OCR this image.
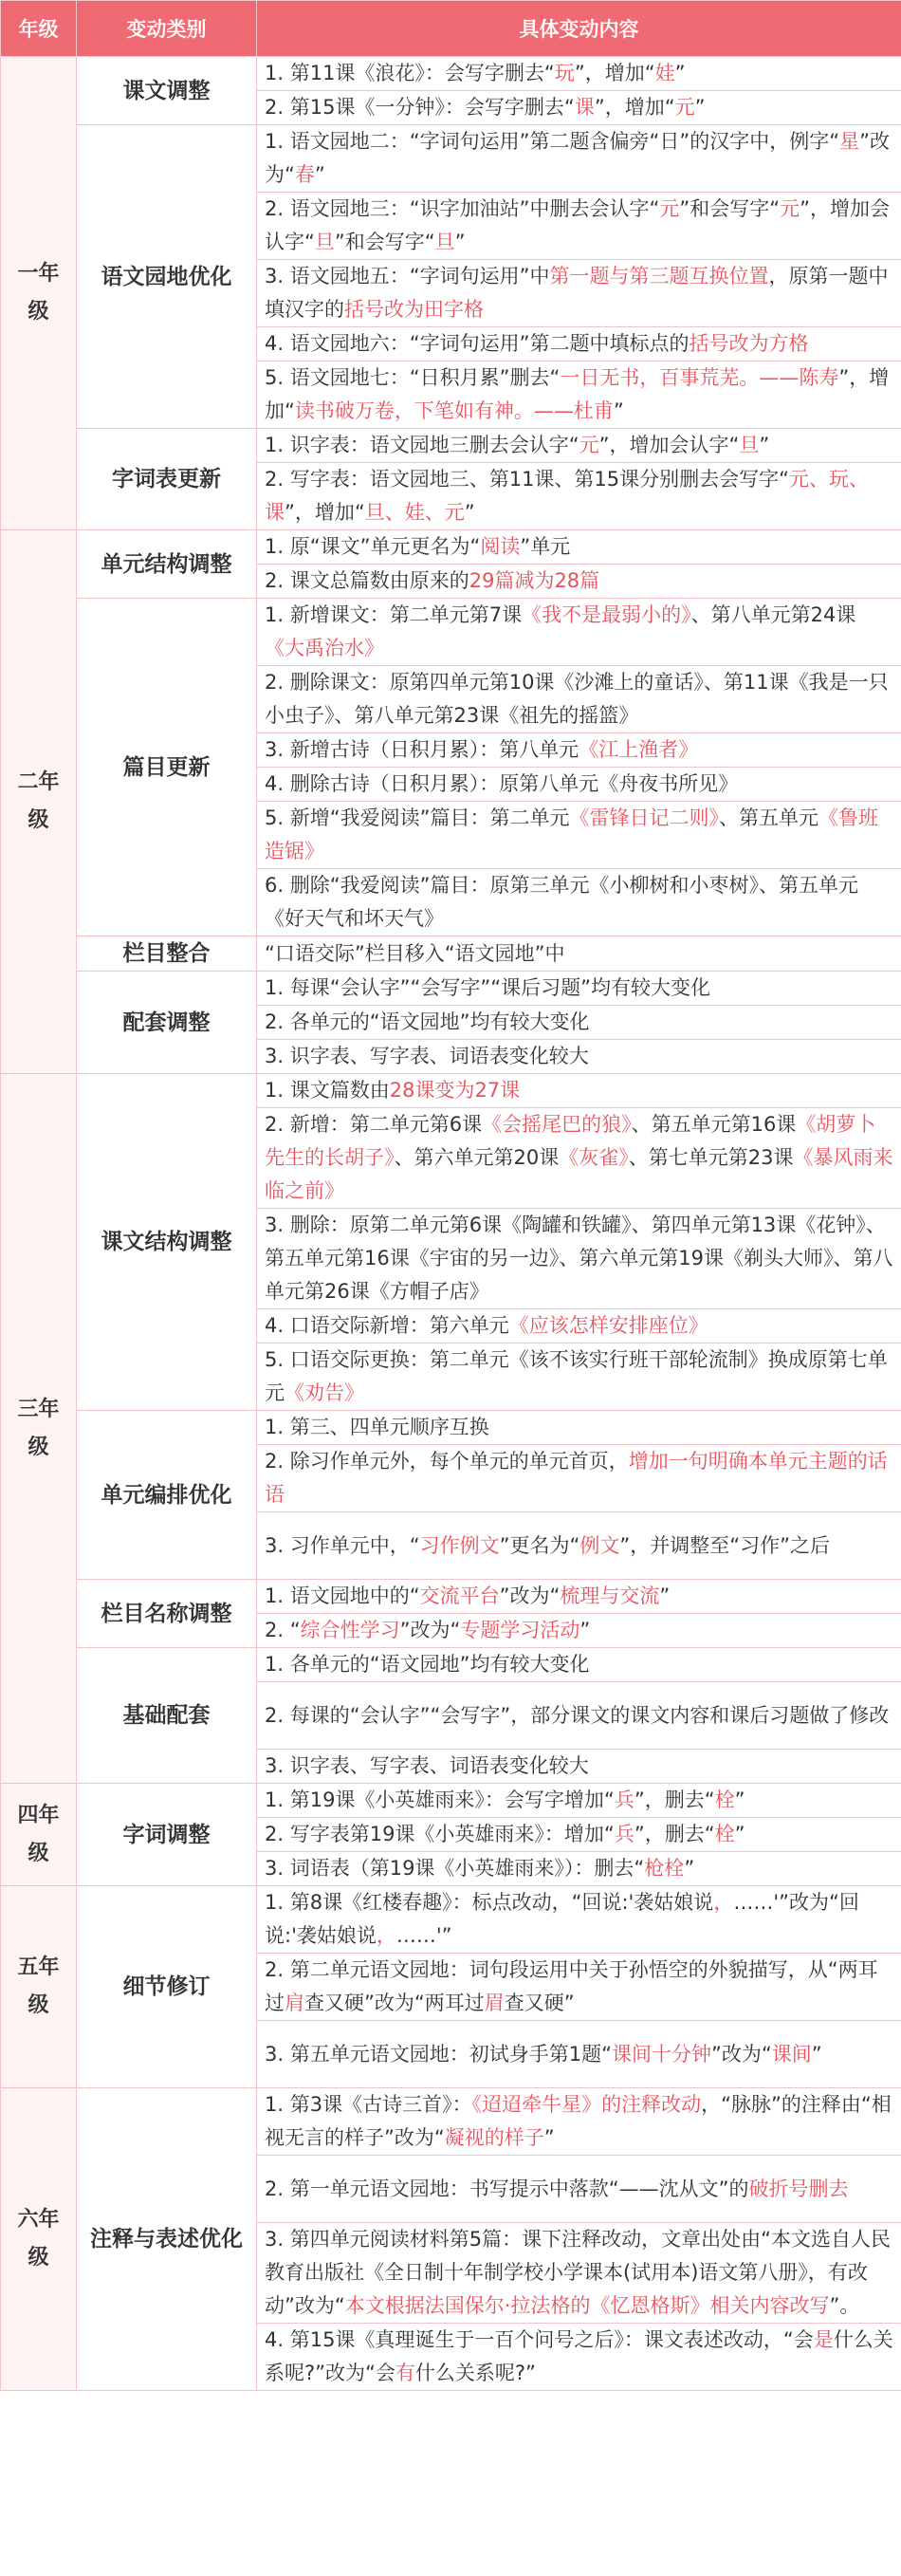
年级	变动类别	具体变动内容
一年级	课文调整	1. 第11课《浪花》：会写字删去“玩”，增加“娃”
		2. 第15课《一分钟》：会写字删去“课”，增加“元”
	语文园地优化	1. 语文园地二：“字词句运用”第二题含偏旁“日”的汉字中，例字“星”改为“春”
		2. 语文园地三：“识字加油站”中删去会认字“元”和会写字“元”，增加会认字“旦”和会写字“旦”
		3. 语文园地五：“字词句运用”中第一题与第三题互换位置，原第一题中填汉字的括号改为田字格
		4. 语文园地六：“字词句运用”第二题中填标点的括号改为方格
		5. 语文园地七：“日积月累”删去“一日无书，百事荒芜。——陈寿”，增加“读书破万卷，下笔如有神。——杜甫”
	字词表更新	1. 识字表：语文园地三删去会认字“元”，增加会认字“旦”
		2. 写字表：语文园地三、第11课、第15课分别删去会写字“元、玩、课”，增加“旦、娃、元”
二年级	单元结构调整	1. 原“课文”单元更名为“阅读”单元
		2. 课文总篇数由原来的29篇减为28篇
	篇目更新	1. 新增课文：第二单元第7课《我不是最弱小的》、第八单元第24课《大禹治水》
		2. 删除课文：原第四单元第10课《沙滩上的童话》、第11课《我是一只小虫子》、第八单元第23课《祖先的摇篮》
		3. 新增古诗（日积月累）：第八单元《江上渔者》
		4. 删除古诗（日积月累）：原第八单元《舟夜书所见》
		5. 新增“我爱阅读”篇目：第二单元《雷锋日记二则》、第五单元《鲁班造锯》
		6. 删除“我爱阅读”篇目：原第三单元《小柳树和小枣树》、第五单元《好天气和坏天气》
	栏目整合	“口语交际”栏目移入“语文园地”中
	配套调整	1. 每课“会认字”“会写字”“课后习题”均有较大变化
		2. 各单元的“语文园地”均有较大变化
		3. 识字表、写字表、词语表变化较大
三年级	课文结构调整	1. 课文篇数由28课变为27课
		2. 新增：第二单元第6课《会摇尾巴的狼》、第五单元第16课《胡萝卜先生的长胡子》、第六单元第20课《灰雀》、第七单元第23课《暴风雨来临之前》
		3. 删除：原第二单元第6课《陶罐和铁罐》、第四单元第13课《花钟》、第五单元第16课《宇宙的另一边》、第六单元第19课《剃头大师》、第八单元第26课《方帽子店》
		4. 口语交际新增：第六单元《应该怎样安排座位》
		5. 口语交际更换：第二单元《该不该实行班干部轮流制》换成原第七单元《劝告》
	单元编排优化	1. 第三、四单元顺序互换
		2. 除习作单元外，每个单元的单元首页，增加一句明确本单元主题的话语
		3. 习作单元中，“习作例文”更名为“例文”，并调整至“习作”之后
	栏目名称调整	1. 语文园地中的“交流平台”改为“梳理与交流”
		2. “综合性学习”改为“专题学习活动”
	基础配套	1. 各单元的“语文园地”均有较大变化
		2. 每课的“会认字”“会写字”，部分课文的课文内容和课后习题做了修改
		3. 识字表、写字表、词语表变化较大
四年级	字词调整	1. 第19课《小英雄雨来》：会写字增加“兵”，删去“栓”
		2. 写字表第19课《小英雄雨来》：增加“兵”，删去“栓”
		3. 词语表（第19课《小英雄雨来》）：删去“枪栓”
五年级	细节修订	1. 第8课《红楼春趣》：标点改动，“回说:'袭姑娘说，……'”改为“回说:'袭姑娘说，……'”
		2. 第二单元语文园地：词句段运用中关于孙悟空的外貌描写，从“两耳过肩查又硬”改为“两耳过眉查又硬”
		3. 第五单元语文园地：初试身手第1题“课间十分钟”改为“课间”
六年级	注释与表述优化	1. 第3课《古诗三首》：《迢迢牵牛星》的注释改动，“脉脉”的注释由“相视无言的样子”改为“凝视的样子”
		2. 第一单元语文园地：书写提示中落款“——沈从文”的破折号删去
		3. 第四单元阅读材料第5篇：课下注释改动，文章出处由“本文选自人民教育出版社《全日制十年制学校小学课本(试用本)语文第八册》，有改动”改为“本文根据法国保尔·拉法格的《忆恩格斯》相关内容改写”。
		4. 第15课《真理诞生于一百个问号之后》：课文表述改动，“会是什么关系呢?”改为“会有什么关系呢?”
